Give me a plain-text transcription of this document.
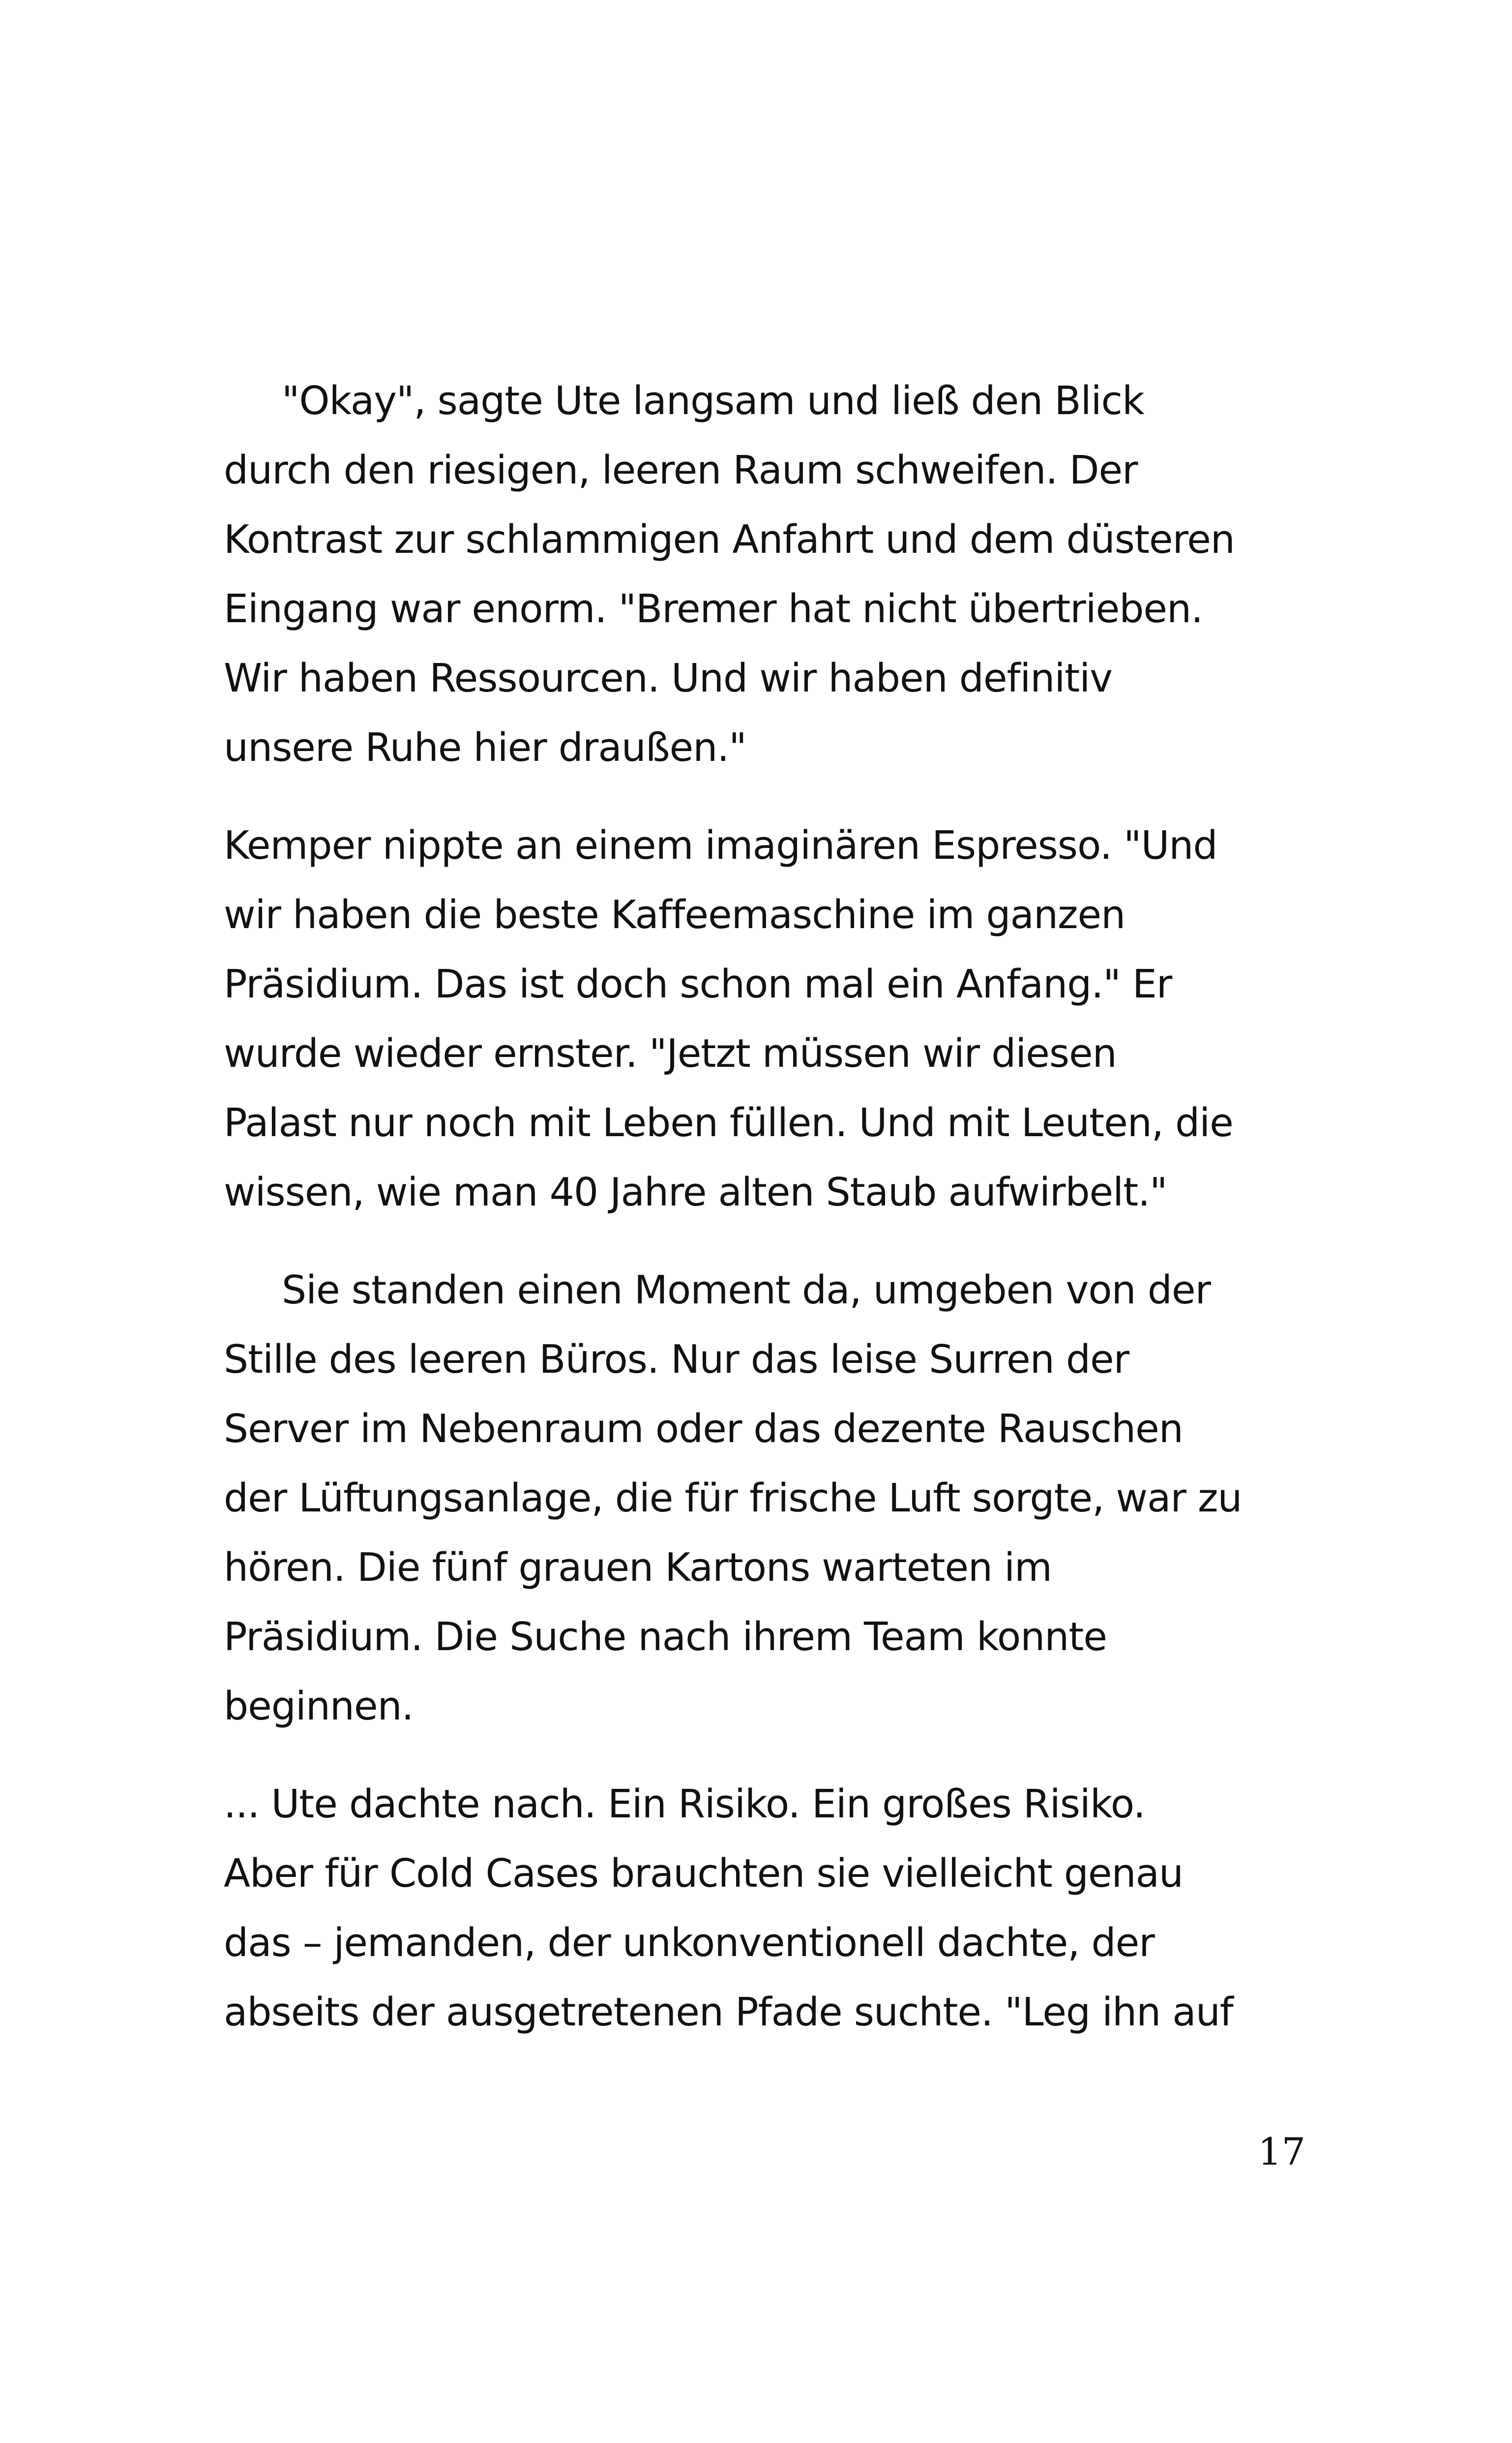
"Okay", sagte Ute langsam und ließ den Blick
durch den riesigen, leeren Raum schweifen. Der
Kontrast zur schlammigen Anfahrt und dem düsteren
Eingang war enorm. "Bremer hat nicht übertrieben.
Wir haben Ressourcen. Und wir haben definitiv
unsere Ruhe hier draußen."
Kemper nippte an einem imaginären Espresso. "Und
wir haben die beste Kaffeemaschine im ganzen
Präsidium. Das ist doch schon mal ein Anfang." Er
wurde wieder ernster. "Jetzt müssen wir diesen
Palast nur noch mit Leben füllen. Und mit Leuten, die
wissen, wie man 40 Jahre alten Staub aufwirbelt."
Sie standen einen Moment da, umgeben von der
Stille des leeren Büros. Nur das leise Surren der
Server im Nebenraum oder das dezente Rauschen
der Lüftungsanlage, die für frische Luft sorgte, war zu
hören. Die fünf grauen Kartons warteten im
Präsidium. Die Suche nach ihrem Team konnte
beginnen.
... Ute dachte nach. Ein Risiko. Ein großes Risiko.
Aber für Cold Cases brauchten sie vielleicht genau
das – jemanden, der unkonventionell dachte, der
abseits der ausgetretenen Pfade suchte. "Leg ihn auf
17
